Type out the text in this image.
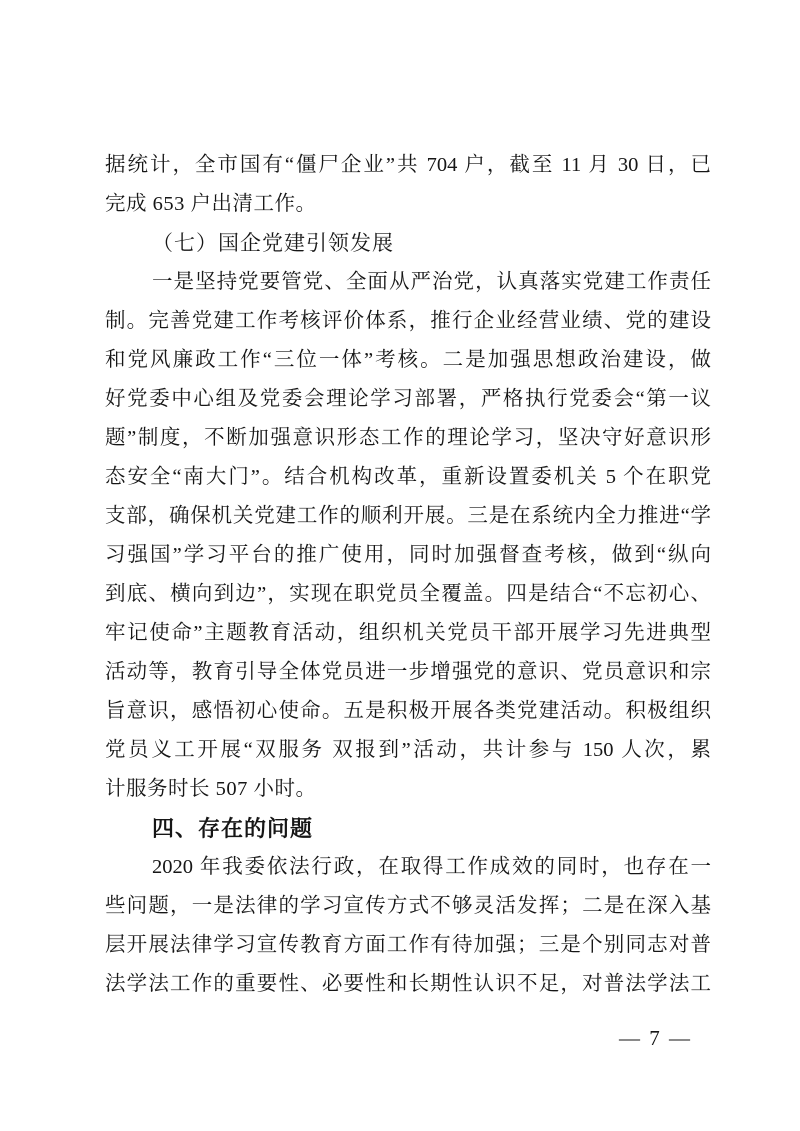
据统计，全市国有“僵尸企业”共 704 户，截至 11 月 30 日，已
完成 653 户出清工作。
（七）国企党建引领发展
一是坚持党要管党、全面从严治党，认真落实党建工作责任
制。完善党建工作考核评价体系，推行企业经营业绩、党的建设
和党风廉政工作“三位一体”考核。二是加强思想政治建设，做
好党委中心组及党委会理论学习部署，严格执行党委会“第一议
题”制度，不断加强意识形态工作的理论学习，坚决守好意识形
态安全“南大门”。结合机构改革，重新设置委机关 5 个在职党
支部，确保机关党建工作的顺利开展。三是在系统内全力推进“学
习强国”学习平台的推广使用，同时加强督查考核，做到“纵向
到底、横向到边”，实现在职党员全覆盖。四是结合“不忘初心、
牢记使命”主题教育活动，组织机关党员干部开展学习先进典型
活动等，教育引导全体党员进一步增强党的意识、党员意识和宗
旨意识，感悟初心使命。五是积极开展各类党建活动。积极组织
党员义工开展“双服务 双报到”活动，共计参与 150 人次，累
计服务时长 507 小时。
四、存在的问题
2020 年我委依法行政，在取得工作成效的同时，也存在一
些问题，一是法律的学习宣传方式不够灵活发挥；二是在深入基
层开展法律学习宣传教育方面工作有待加强；三是个别同志对普
法学法工作的重要性、必要性和长期性认识不足，对普法学法工
— 7 —
